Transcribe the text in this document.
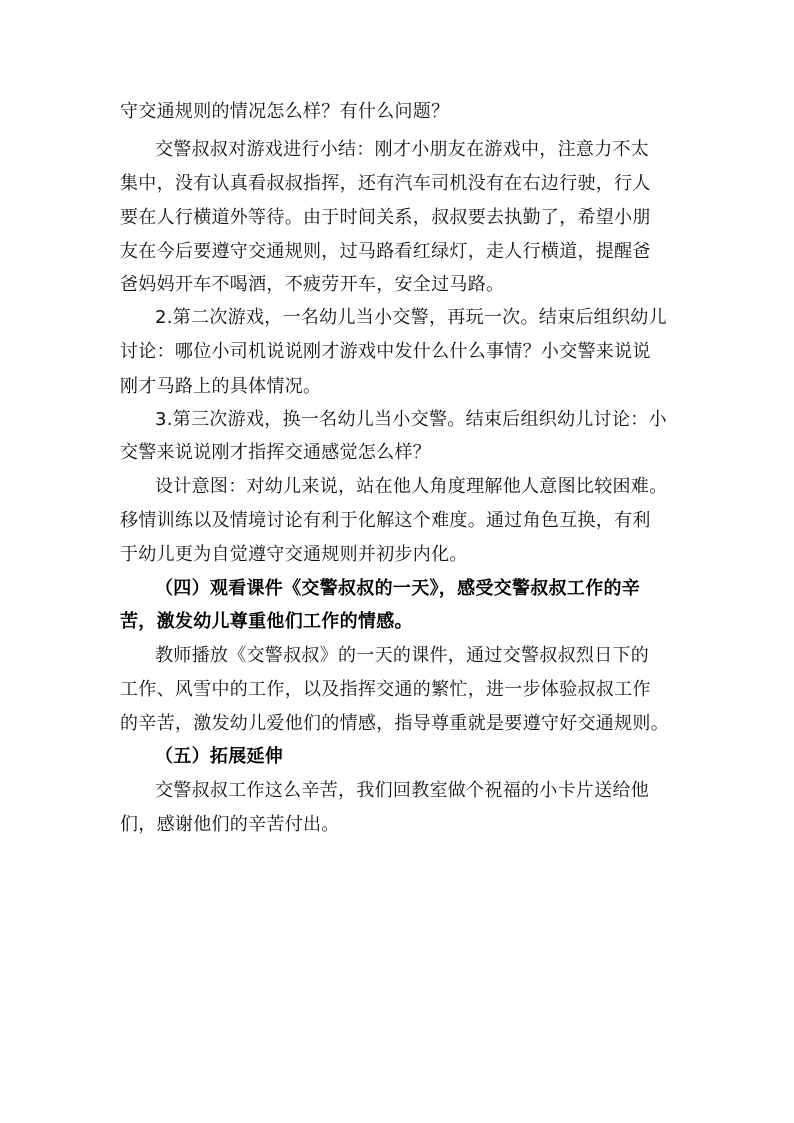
守交通规则的情况怎么样？有什么问题？
交警叔叔对游戏进行小结：刚才小朋友在游戏中，注意力不太
集中，没有认真看叔叔指挥，还有汽车司机没有在右边行驶，行人
要在人行横道外等待。由于时间关系，叔叔要去执勤了，希望小朋
友在今后要遵守交通规则，过马路看红绿灯，走人行横道，提醒爸
爸妈妈开车不喝酒，不疲劳开车，安全过马路。
2.第二次游戏，一名幼儿当小交警，再玩一次。结束后组织幼儿
讨论：哪位小司机说说刚才游戏中发什么什么事情？小交警来说说
刚才马路上的具体情况。
3.第三次游戏，换一名幼儿当小交警。结束后组织幼儿讨论：小
交警来说说刚才指挥交通感觉怎么样？
设计意图：对幼儿来说，站在他人角度理解他人意图比较困难。
移情训练以及情境讨论有利于化解这个难度。通过角色互换，有利
于幼儿更为自觉遵守交通规则并初步内化。
（四）观看课件《交警叔叔的一天》，感受交警叔叔工作的辛
苦，激发幼儿尊重他们工作的情感。
教师播放《交警叔叔》的一天的课件，通过交警叔叔烈日下的
工作、风雪中的工作，以及指挥交通的繁忙，进一步体验叔叔工作
的辛苦，激发幼儿爱他们的情感，指导尊重就是要遵守好交通规则。
（五）拓展延伸
交警叔叔工作这么辛苦，我们回教室做个祝福的小卡片送给他
们，感谢他们的辛苦付出。
